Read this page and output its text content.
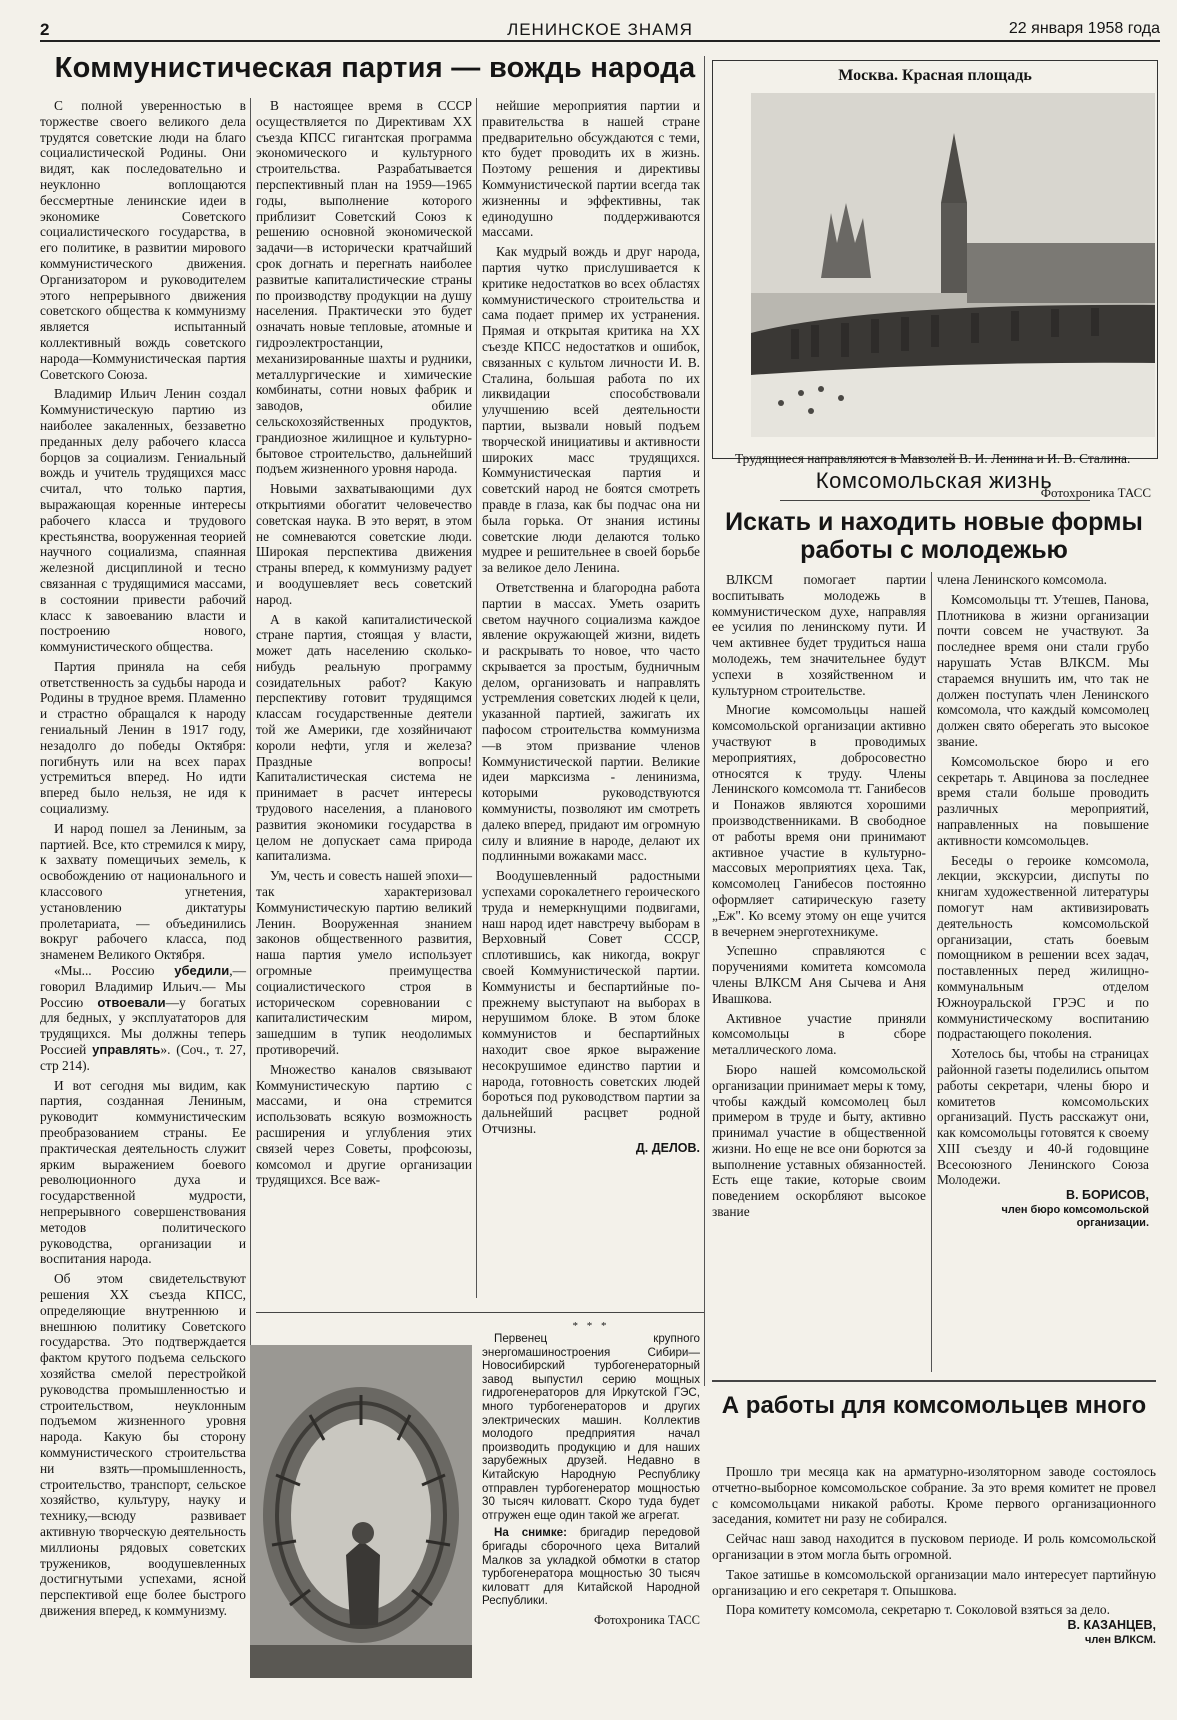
2	ЛЕНИНСКОЕ ЗНАМЯ	22 января 1958 года
Коммунистическая партия — вождь народа

С полной уверенностью в торжестве своего великого дела трудятся советские люди на благо социалистической Родины. Они видят, как последовательно и неуклонно воплощаются бессмертные ленинские идеи в экономике Советского социалистического государства, в его политике, в развитии мирового коммунистического движения. Организатором и руководителем этого непрерывного движения советского общества к коммунизму является испытанный коллективный вождь советского народа—Коммунистическая партия Советского Союза.

Владимир Ильич Ленин создал Коммунистическую партию из наиболее закаленных, беззаветно преданных делу рабочего класса борцов за социализм. Гениальный вождь и учитель трудящихся масс считал, что только партия, выражающая коренные интересы рабочего класса и трудового крестьянства, вооруженная теорией научного социализма, спаянная железной дисциплиной и тесно связанная с трудящимися массами, в состоянии привести рабочий класс к завоеванию власти и построению нового, коммунистического общества.

Партия приняла на себя ответственность за судьбы народа и Родины в трудное время. Пламенно и страстно обращался к народу гениальный Ленин в 1917 году, незадолго до победы Октября: погибнуть или на всех парах устремиться вперед. Но идти вперед было нельзя, не идя к социализму.

И народ пошел за Лениным, за партией. Все, кто стремился к миру, к захвату помещичьих земель, к освобождению от национального и классового угнетения, установлению диктатуры пролетариата, — объединились вокруг рабочего класса, под знаменем Великого Октября.

«Мы... Россию убедили,—говорил Владимир Ильич.— Мы Россию отвоевали—у богатых для бедных, у эксплуататоров для трудящихся. Мы должны теперь Россией управлять». (Соч., т. 27, стр 214).

И вот сегодня мы видим, как партия, созданная Лениным, руководит коммунистическим преобразованием страны. Ее практическая деятельность служит ярким выражением боевого революционного духа и государственной мудрости, непрерывного совершенствования методов политического руководства, организации и воспитания народа.

Об этом свидетельствуют решения XX съезда КПСС, определяющие внутреннюю и внешнюю политику Советского государства. Это подтверждается фактом крутого подъема сельского хозяйства смелой перестройкой руководства промышленностью и строительством, неуклонным подъемом жизненного уровня народа. Какую бы сторону коммунистического строительства ни взять—промышленность, строительство, транспорт, сельское хозяйство, культуру, науку и технику,—всюду развивает активную творческую деятельность миллионы рядовых советских тружеников, воодушевленных достигнутыми успехами, ясной перспективой еще более быстрого движения вперед, к коммунизму.

В настоящее время в СССР осуществляется по Директивам XX съезда КПСС гигантская программа экономического и культурного строительства. Разрабатывается перспективный план на 1959—1965 годы, выполнение которого приблизит Советский Союз к решению основной экономической задачи—в исторически кратчайший срок догнать и перегнать наиболее развитые капиталистические страны по производству продукции на душу населения. Практически это будет означать новые тепловые, атомные и гидроэлектростанции, механизированные шахты и рудники, металлургические и химические комбинаты, сотни новых фабрик и заводов, обилие сельскохозяйственных продуктов, грандиозное жилищное и культурно-бытовое строительство, дальнейший подъем жизненного уровня народа.

Новыми захватывающими дух открытиями обогатит человечество советская наука. В это верят, в этом не сомневаются советские люди. Широкая перспектива движения страны вперед, к коммунизму радует и воодушевляет весь советский народ.

А в какой капиталистической стране партия, стоящая у власти, может дать населению сколько-нибудь реальную программу созидательных работ? Какую перспективу готовит трудящимся классам государственные деятели той же Америки, где хозяйничают короли нефти, угля и железа? Праздные вопросы! Капиталистическая система не принимает в расчет интересы трудового населения, а планового развития экономики государства в целом не допускает сама природа капитализма.

Ум, честь и совесть нашей эпохи—так характеризовал Коммунистическую партию великий Ленин. Вооруженная знанием законов общественного развития, наша партия умело использует огромные преимущества социалистического строя в историческом соревновании с капиталистическим миром, зашедшим в тупик неодолимых противоречий.

Множество каналов связывают Коммунистическую партию с массами, и она стремится использовать всякую возможность расширения и углубления этих связей через Советы, профсоюзы, комсомол и другие организации трудящихся. Все важ-

нейшие мероприятия партии и правительства в нашей стране предварительно обсуждаются с теми, кто будет проводить их в жизнь. Поэтому решения и директивы Коммунистической партии всегда так жизненны и эффективны, так единодушно поддерживаются массами.

Как мудрый вождь и друг народа, партия чутко прислушивается к критике недостатков во всех областях коммунистического строительства и сама подает пример их устранения. Прямая и открытая критика на XX съезде КПСС недостатков и ошибок, связанных с культом личности И. В. Сталина, большая работа по их ликвидации способствовали улучшению всей деятельности партии, вызвали новый подъем творческой инициативы и активности широких масс трудящихся. Коммунистическая партия и советский народ не боятся смотреть правде в глаза, как бы подчас она ни была горька. От знания истины советские люди делаются только мудрее и решительнее в своей борьбе за великое дело Ленина.

Ответственна и благородна работа партии в массах. Уметь озарить светом научного социализма каждое явление окружающей жизни, видеть и раскрывать то новое, что часто скрывается за простым, будничным делом, организовать и направлять устремления советских людей к цели, указанной партией, зажигать их пафосом строительства коммунизма—в этом призвание членов Коммунистической партии. Великие идеи марксизма - ленинизма, которыми руководствуются коммунисты, позволяют им смотреть далеко вперед, придают им огромную силу и влияние в народе, делают их подлинными вожаками масс.

Воодушевленный радостными успехами сорокалетнего героического труда и немеркнущими подвигами, наш народ идет навстречу выборам в Верховный Совет СССР, сплотившись, как никогда, вокруг своей Коммунистической партии. Коммунисты и беспартийные по-прежнему выступают на выборах в нерушимом блоке. В этом блоке коммунистов и беспартийных находит свое яркое выражение несокрушимое единство партии и народа, готовность советских людей бороться под руководством партии за дальнейший расцвет родной Отчизны.

Д. ДЕЛОВ.

Москва. Красная площадь
Трудящиеся направляются в Мавзолей В. И. Ленина и И. В. Сталина.
Фотохроника ТАСС
Комсомольская жизнь
Искать и находить новые формы работы с молодежью

ВЛКСМ помогает партии воспитывать молодежь в коммунистическом духе, направляя ее усилия по ленинскому пути. И чем активнее будет трудиться наша молодежь, тем значительнее будут успехи в хозяйственном и культурном строительстве.

Многие комсомольцы нашей комсомольской организации активно участвуют в проводимых мероприятиях, добросовестно относятся к труду. Члены Ленинского комсомола тт. Ганибесов и Понажов являются хорошими производственниками. В свободное от работы время они принимают активное участие в культурно-массовых мероприятиях цеха. Так, комсомолец Ганибесов постоянно оформляет сатирическую газету „Еж". Ко всему этому он еще учится в вечернем энерготехникуме.

Успешно справляются с поручениями комитета комсомола члены ВЛКСМ Аня Сычева и Аня Ивашкова.

Активное участие приняли комсомольцы в сборе металлического лома.

Бюро нашей комсомольской организации принимает меры к тому, чтобы каждый комсомолец был примером в труде и быту, активно принимал участие в общественной жизни. Но еще не все они борются за выполнение уставных обязанностей. Есть еще такие, которые своим поведением оскорбляют высокое звание

члена Ленинского комсомола.

Комсомольцы тт. Утешев, Панова, Плотникова в жизни организации почти совсем не участвуют. За последнее время они стали грубо нарушать Устав ВЛКСМ. Мы стараемся внушить им, что так не должен поступать член Ленинского комсомола, что каждый комсомолец должен свято оберегать это высокое звание.

Комсомольское бюро и его секретарь т. Авцинова за последнее время стали больше проводить различных мероприятий, направленных на повышение активности комсомольцев.

Беседы о героике комсомола, лекции, экскурсии, диспуты по книгам художественной литературы помогут нам активизировать деятельность комсомольской организации, стать боевым помощником в решении всех задач, поставленных перед жилищно-коммунальным отделом Южноуральской ГРЭС и по коммунистическому воспитанию подрастающего поколения.

Хотелось бы, чтобы на страницах районной газеты поделились опытом работы секретари, члены бюро и комитетов комсомольских организаций. Пусть расскажут они, как комсомольцы готовятся к своему XIII съезду и 40-й годовщине Всесоюзного Ленинского Союза Молодежи.

В. БОРИСОВ,

член бюро комсомольской организации.
А работы для комсомольцев много

Прошло три месяца как на арматурно-изоляторном заводе состоялось отчетно-выборное комсомольское собрание. За это время комитет не провел с комсомольцами никакой работы. Кроме первого организационного заседания, комитет ни разу не собирался.

Сейчас наш завод находится в пусковом периоде. И роль комсомольской организации в этом могла быть огромной.

Такое затишье в комсомольской организации мало интересует партийную организацию и его секретаря т. Опышкова.

Пора комитету комсомола, секретарю т. Соколовой взяться за дело.

В. КАЗАНЦЕВ,

член ВЛКСМ.
* * *

Первенец крупного энергомашиностроения Сибири—Новосибирский турбогенераторный завод выпустил серию мощных гидрогенераторов для Иркутской ГЭС, много турбогенераторов и других электрических машин. Коллектив молодого предприятия начал производить продукцию и для наших зарубежных друзей. Недавно в Китайскую Народную Республику отправлен турбогенератор мощностью 30 тысяч киловатт. Скоро туда будет отгружен еще один такой же агрегат.

На снимке: бригадир передовой бригады сборочного цеха Виталий Малков за укладкой обмотки в статор турбогенератора мощностью 30 тысяч киловатт для Китайской Народной Республики.

Фотохроника ТАСС
